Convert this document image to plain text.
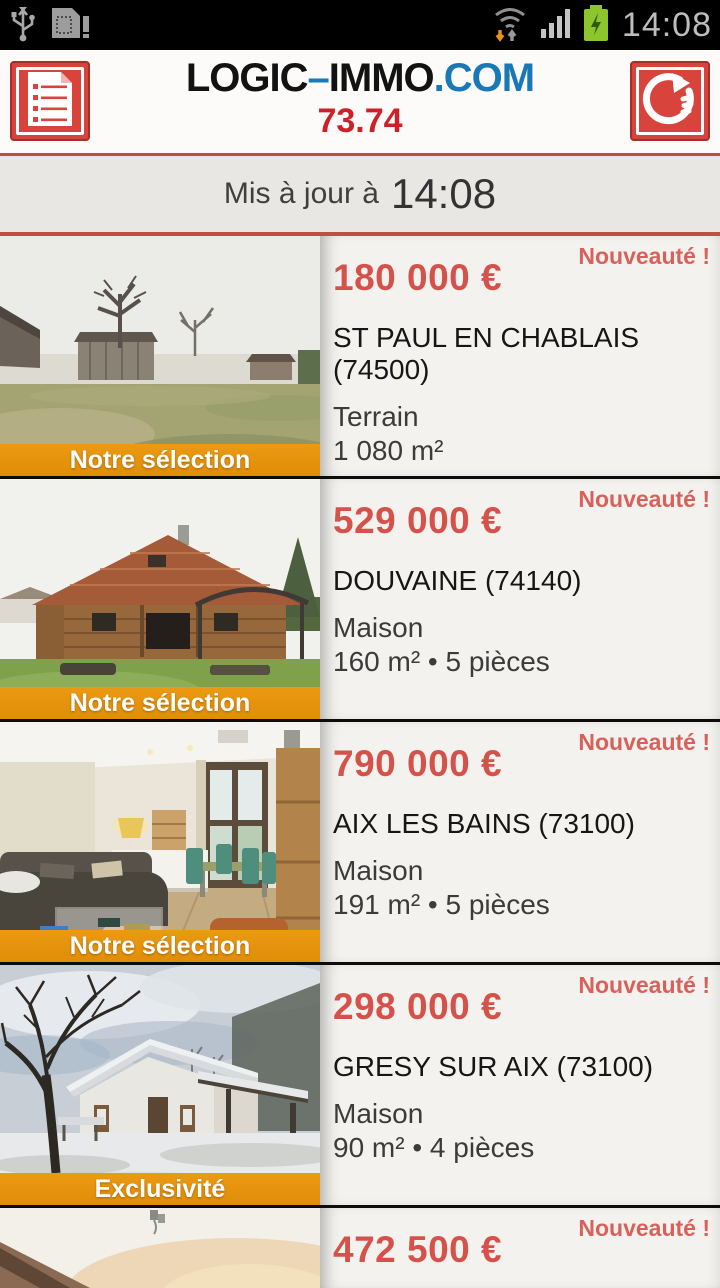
14:08
LOGIC–IMMO.COM
73.74
Mis à jour à 14:08
Notre sélection
Nouveauté !
180 000 €
ST PAUL EN CHABLAIS (74500)
Terrain
1 080 m²
Notre sélection
Nouveauté !
529 000 €
DOUVAINE (74140)
Maison
160 m² • 5 pièces
Notre sélection
Nouveauté !
790 000 €
AIX LES BAINS (73100)
Maison
191 m² • 5 pièces
Exclusivité
Nouveauté !
298 000 €
GRESY SUR AIX (73100)
Maison
90 m² • 4 pièces
Nouveauté !
472 500 €
